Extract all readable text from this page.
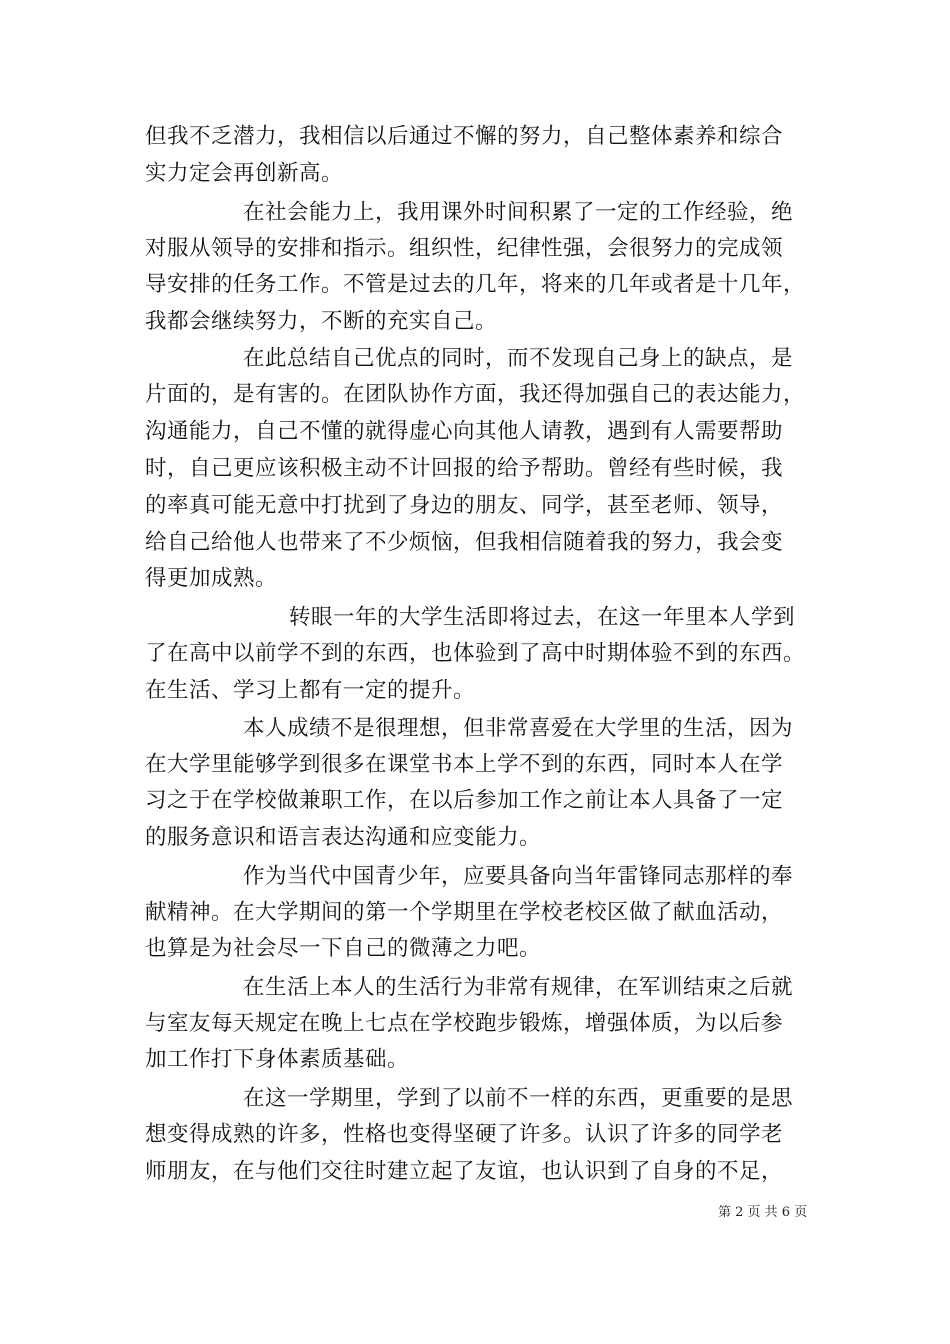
但我不乏潜力，我相信以后通过不懈的努力，自己整体素养和综合
实力定会再创新高。
在社会能力上，我用课外时间积累了一定的工作经验，绝
对服从领导的安排和指示。组织性，纪律性强，会很努力的完成领
导安排的任务工作。不管是过去的几年，将来的几年或者是十几年，
我都会继续努力，不断的充实自己。
在此总结自己优点的同时，而不发现自己身上的缺点，是
片面的，是有害的。在团队协作方面，我还得加强自己的表达能力，
沟通能力，自己不懂的就得虚心向其他人请教，遇到有人需要帮助
时，自己更应该积极主动不计回报的给予帮助。曾经有些时候，我
的率真可能无意中打扰到了身边的朋友、同学，甚至老师、领导，
给自己给他人也带来了不少烦恼，但我相信随着我的努力，我会变
得更加成熟。
转眼一年的大学生活即将过去，在这一年里本人学到
了在高中以前学不到的东西，也体验到了高中时期体验不到的东西。
在生活、学习上都有一定的提升。
本人成绩不是很理想，但非常喜爱在大学里的生活，因为
在大学里能够学到很多在课堂书本上学不到的东西，同时本人在学
习之于在学校做兼职工作，在以后参加工作之前让本人具备了一定
的服务意识和语言表达沟通和应变能力。
作为当代中国青少年，应要具备向当年雷锋同志那样的奉
献精神。在大学期间的第一个学期里在学校老校区做了献血活动，
也算是为社会尽一下自己的微薄之力吧。
在生活上本人的生活行为非常有规律，在军训结束之后就
与室友每天规定在晚上七点在学校跑步锻炼，增强体质，为以后参
加工作打下身体素质基础。
在这一学期里，学到了以前不一样的东西，更重要的是思
想变得成熟的许多，性格也变得坚硬了许多。认识了许多的同学老
师朋友，在与他们交往时建立起了友谊，也认识到了自身的不足，
第 2 页 共 6 页
